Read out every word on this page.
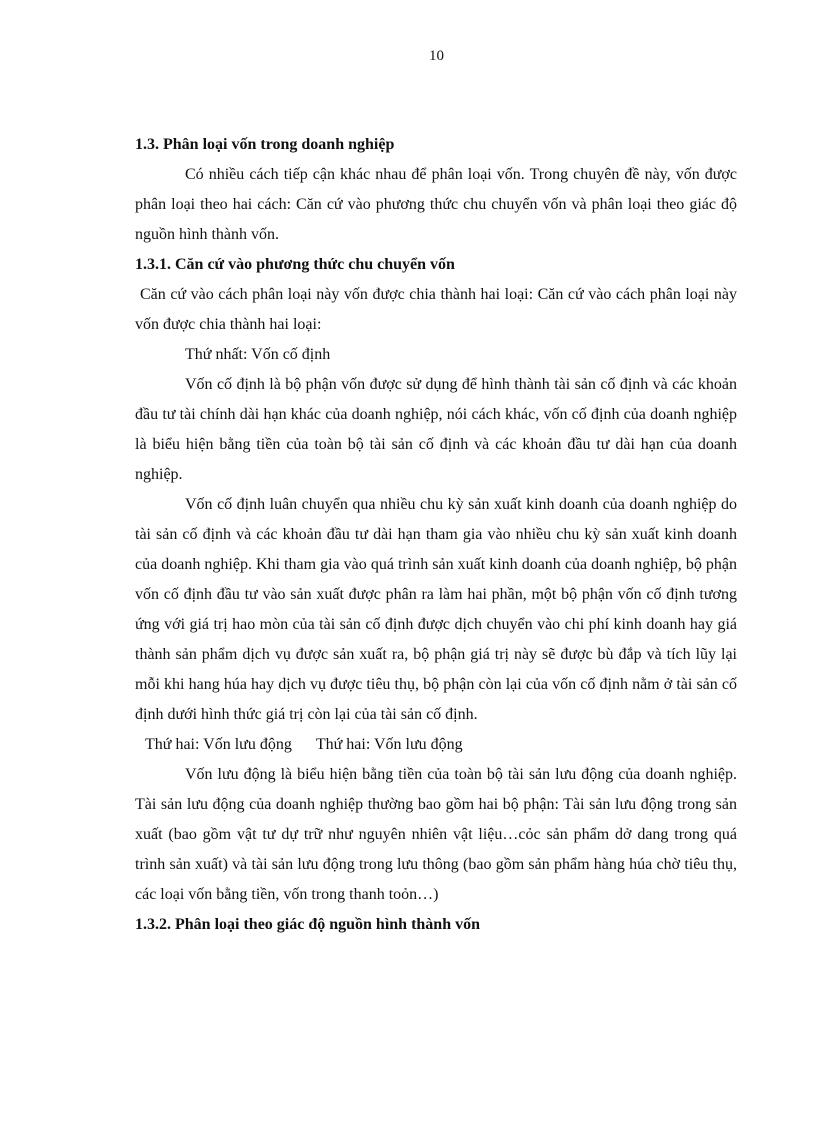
10

1.3. Phân loại vốn trong doanh nghiệp

Có nhiều cách tiếp cận khác nhau để phân loại vốn. Trong chuyên đề này, vốn được phân loại theo hai cách: Căn cứ vào phương thức chu chuyển vốn và phân loại theo giác độ nguồn hình thành vốn.

1.3.1. Căn cứ vào phương thức chu chuyển vốn

Căn cứ vào cách phân loại này vốn được chia thành hai loại: Căn cứ vào cách phân loại này vốn được chia thành hai loại:

Thứ nhất: Vốn cố định

Vốn cố định là bộ phận vốn được sử dụng để hình thành tài sản cố định và các khoản đầu tư tài chính dài hạn khác của doanh nghiệp, nói cách khác, vốn cố định của doanh nghiệp là biểu hiện bằng tiền của toàn bộ tài sản cố định và các khoản đầu tư dài hạn của doanh nghiệp.

Vốn cố định luân chuyển qua nhiều chu kỳ sản xuất kinh doanh của doanh nghiệp do tài sản cố định và các khoản đầu tư dài hạn tham gia vào nhiều chu kỳ sản xuất kinh doanh của doanh nghiệp. Khi tham gia vào quá trình sản xuất kinh doanh của doanh nghiệp, bộ phận vốn cố định đầu tư vào sản xuất được phân ra làm hai phần, một bộ phận vốn cố định tương ứng với giá trị hao mòn của tài sản cố định được dịch chuyển vào chi phí kinh doanh hay giá thành sản phẩm dịch vụ được sản xuất ra, bộ phận giá trị này sẽ được bù đắp và tích lũy lại mỗi khi hang húa hay dịch vụ được tiêu thụ, bộ phận còn lại của vốn cố định nằm ở tài sản cố định dưới hình thức giá trị còn lại của tài sản cố định.

Thứ hai: Vốn lưu động Thứ hai: Vốn lưu động

Vốn lưu động là biểu hiện bằng tiền của toàn bộ tài sản lưu động của doanh nghiệp. Tài sản lưu động của doanh nghiệp thường bao gồm hai bộ phận: Tài sản lưu động trong sản xuất (bao gồm vật tư dự trữ như nguyên nhiên vật liệu…cỏc sản phẩm dở dang trong quá trình sản xuất) và tài sản lưu động trong lưu thông (bao gồm sản phẩm hàng húa chờ tiêu thụ, các loại vốn bằng tiền, vốn trong thanh toỏn…)

1.3.2. Phân loại theo giác độ nguồn hình thành vốn
